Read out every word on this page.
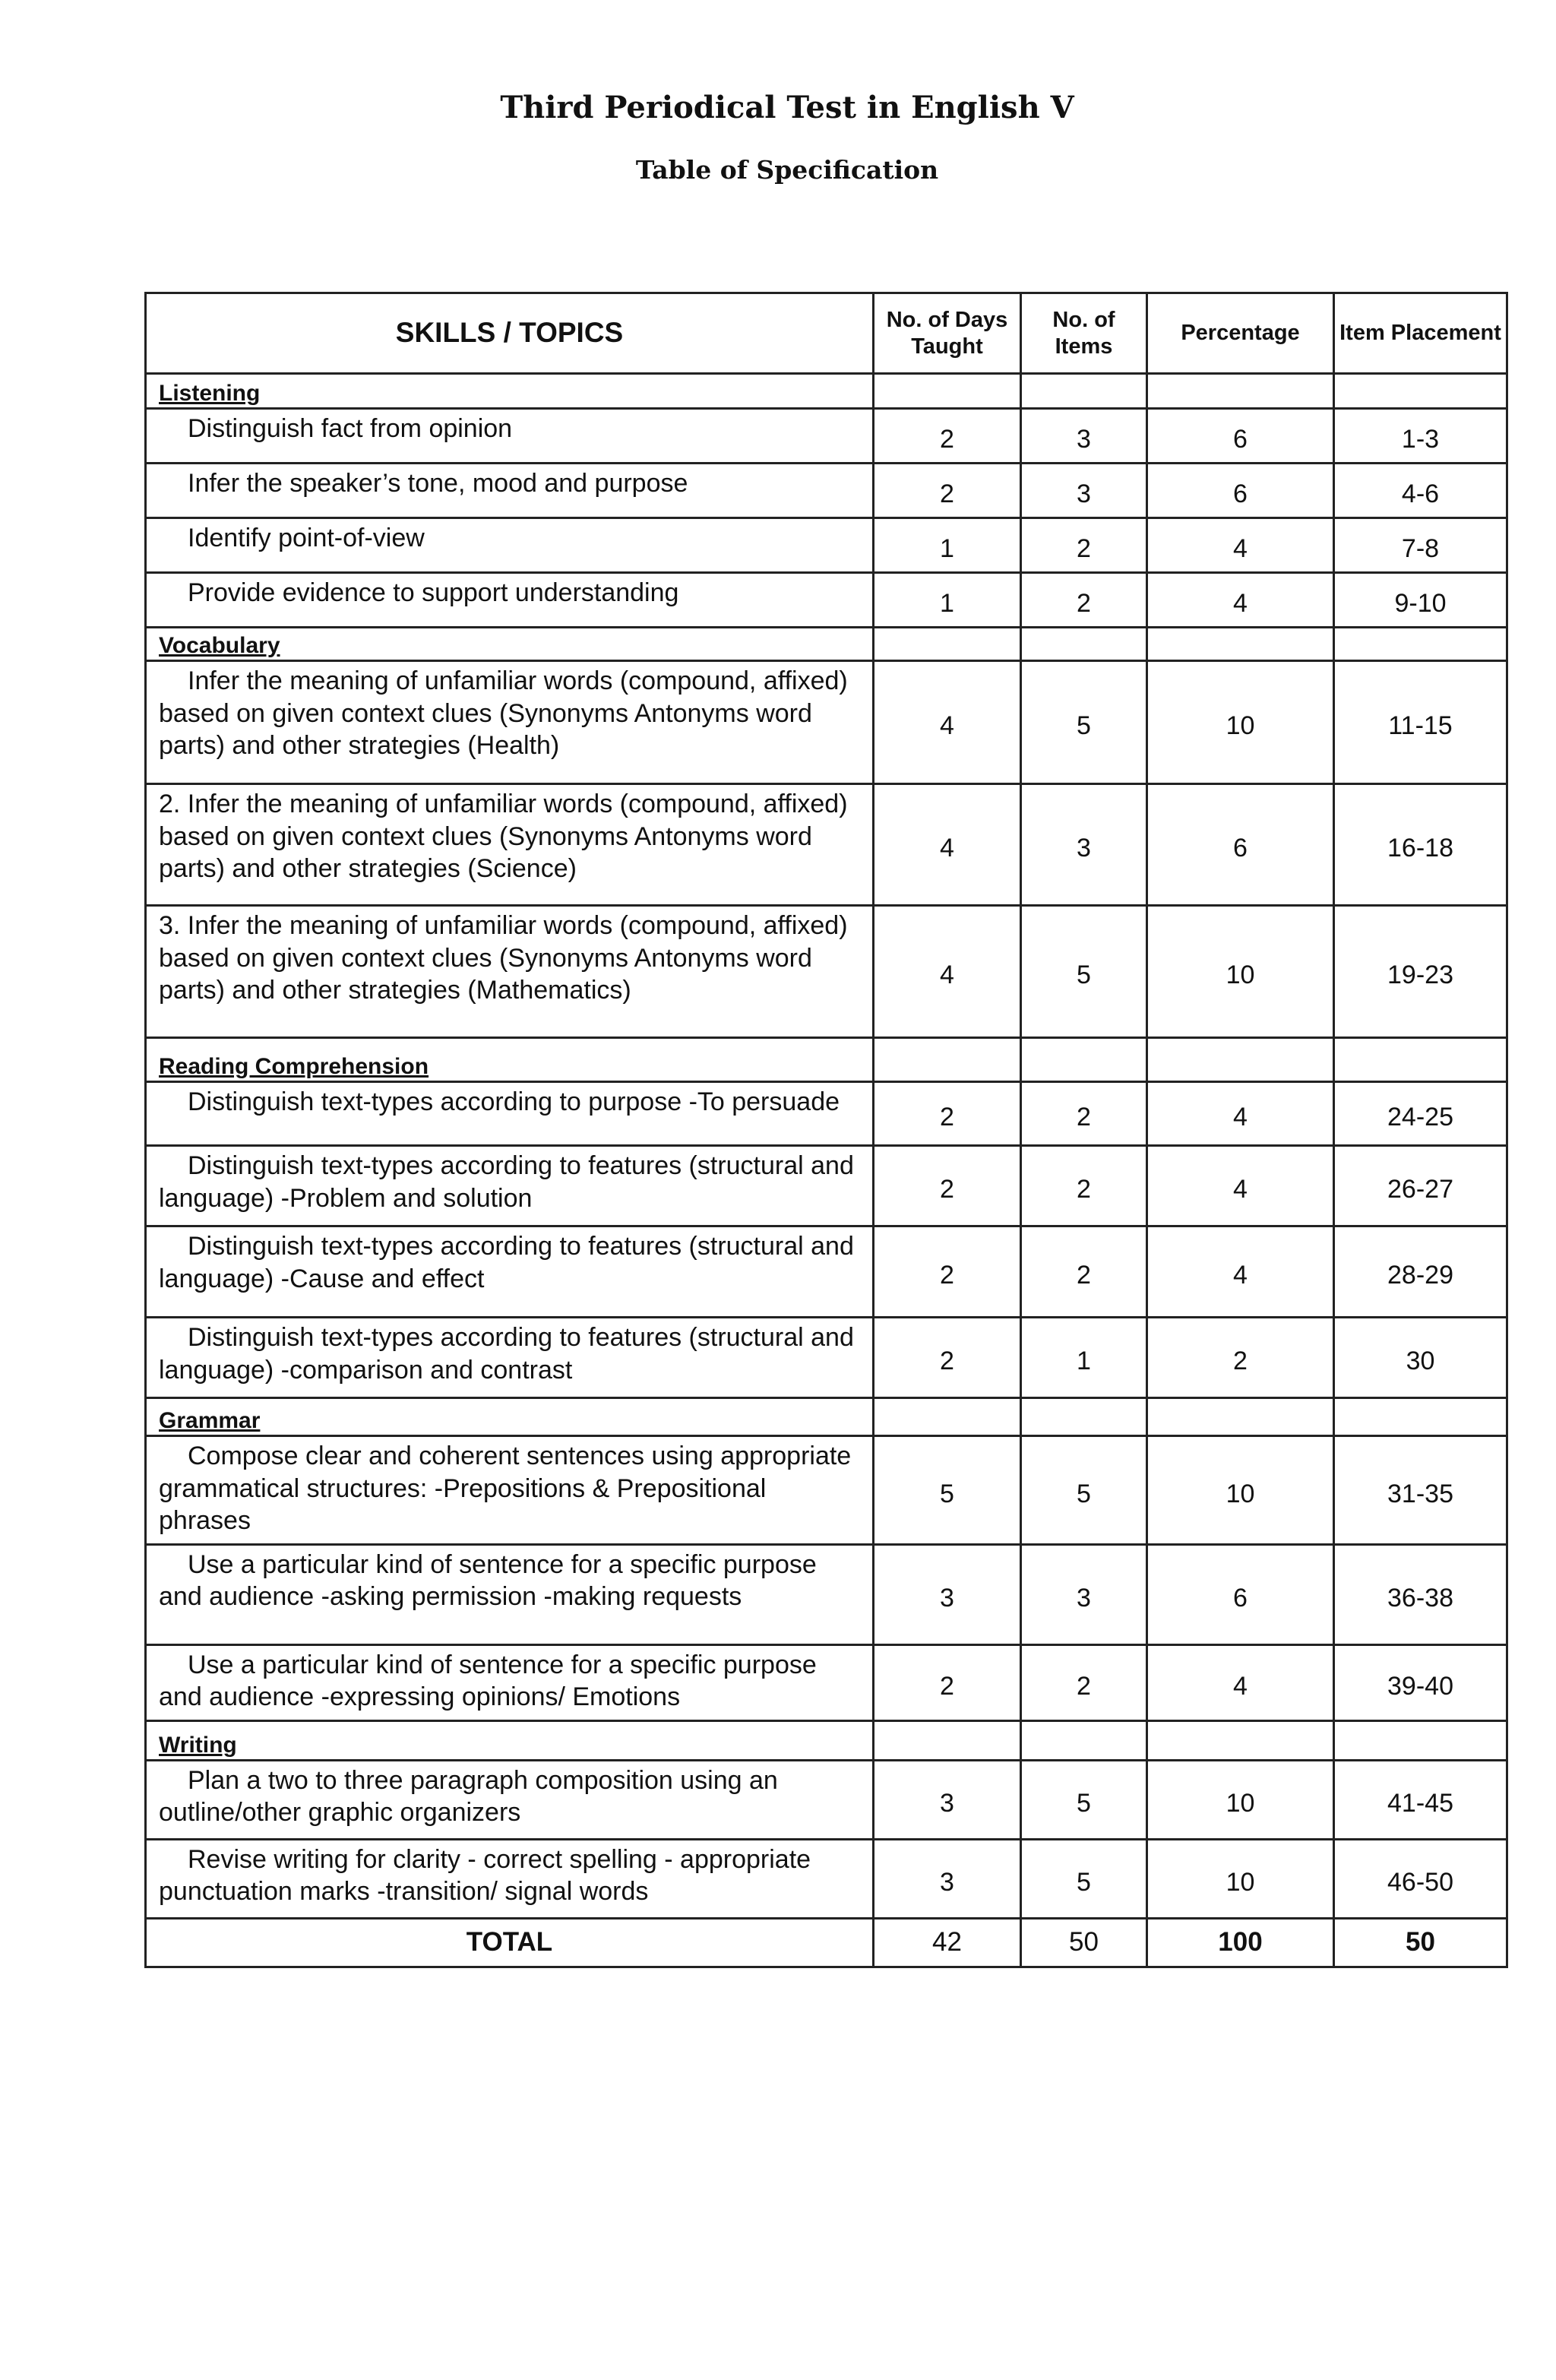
Third Periodical Test in English V
Table of Specification
SKILLS / TOPICS	No. of Days Taught	No. of Items	Percentage	Item Placement
Listening				
Distinguish fact from opinion	2	3	6	1-3
Infer the speaker’s tone, mood and purpose	2	3	6	4-6
Identify point-of-view	1	2	4	7-8
Provide evidence to support understanding	1	2	4	9-10
Vocabulary				
Infer the meaning of unfamiliar words (compound, affixed) based on given context clues (Synonyms Antonyms word parts) and other strategies (Health)	4	5	10	11-15
2. Infer the meaning of unfamiliar words (compound, affixed) based on given context clues (Synonyms Antonyms word parts) and other strategies (Science)	4	3	6	16-18
3. Infer the meaning of unfamiliar words (compound, affixed) based on given context clues (Synonyms Antonyms word parts) and other strategies (Mathematics)	4	5	10	19-23
Reading Comprehension				
Distinguish text-types according to purpose -To persuade	2	2	4	24-25
Distinguish text-types according to features (structural and language) -Problem and solution	2	2	4	26-27
Distinguish text-types according to features (structural and language) -Cause and effect	2	2	4	28-29
Distinguish text-types according to features (structural and language) -comparison and contrast	2	1	2	30
Grammar				
Compose clear and coherent sentences using appropriate grammatical structures: -Prepositions & Prepositional phrases	5	5	10	31-35
Use a particular kind of sentence for a specific purpose and audience -asking permission -making requests	3	3	6	36-38
Use a particular kind of sentence for a specific purpose and audience -expressing opinions/ Emotions	2	2	4	39-40
Writing				
Plan a two to three paragraph composition using an outline/other graphic organizers	3	5	10	41-45
Revise writing for clarity - correct spelling - appropriate punctuation marks -transition/ signal words	3	5	10	46-50
TOTAL	42	50	100	50
